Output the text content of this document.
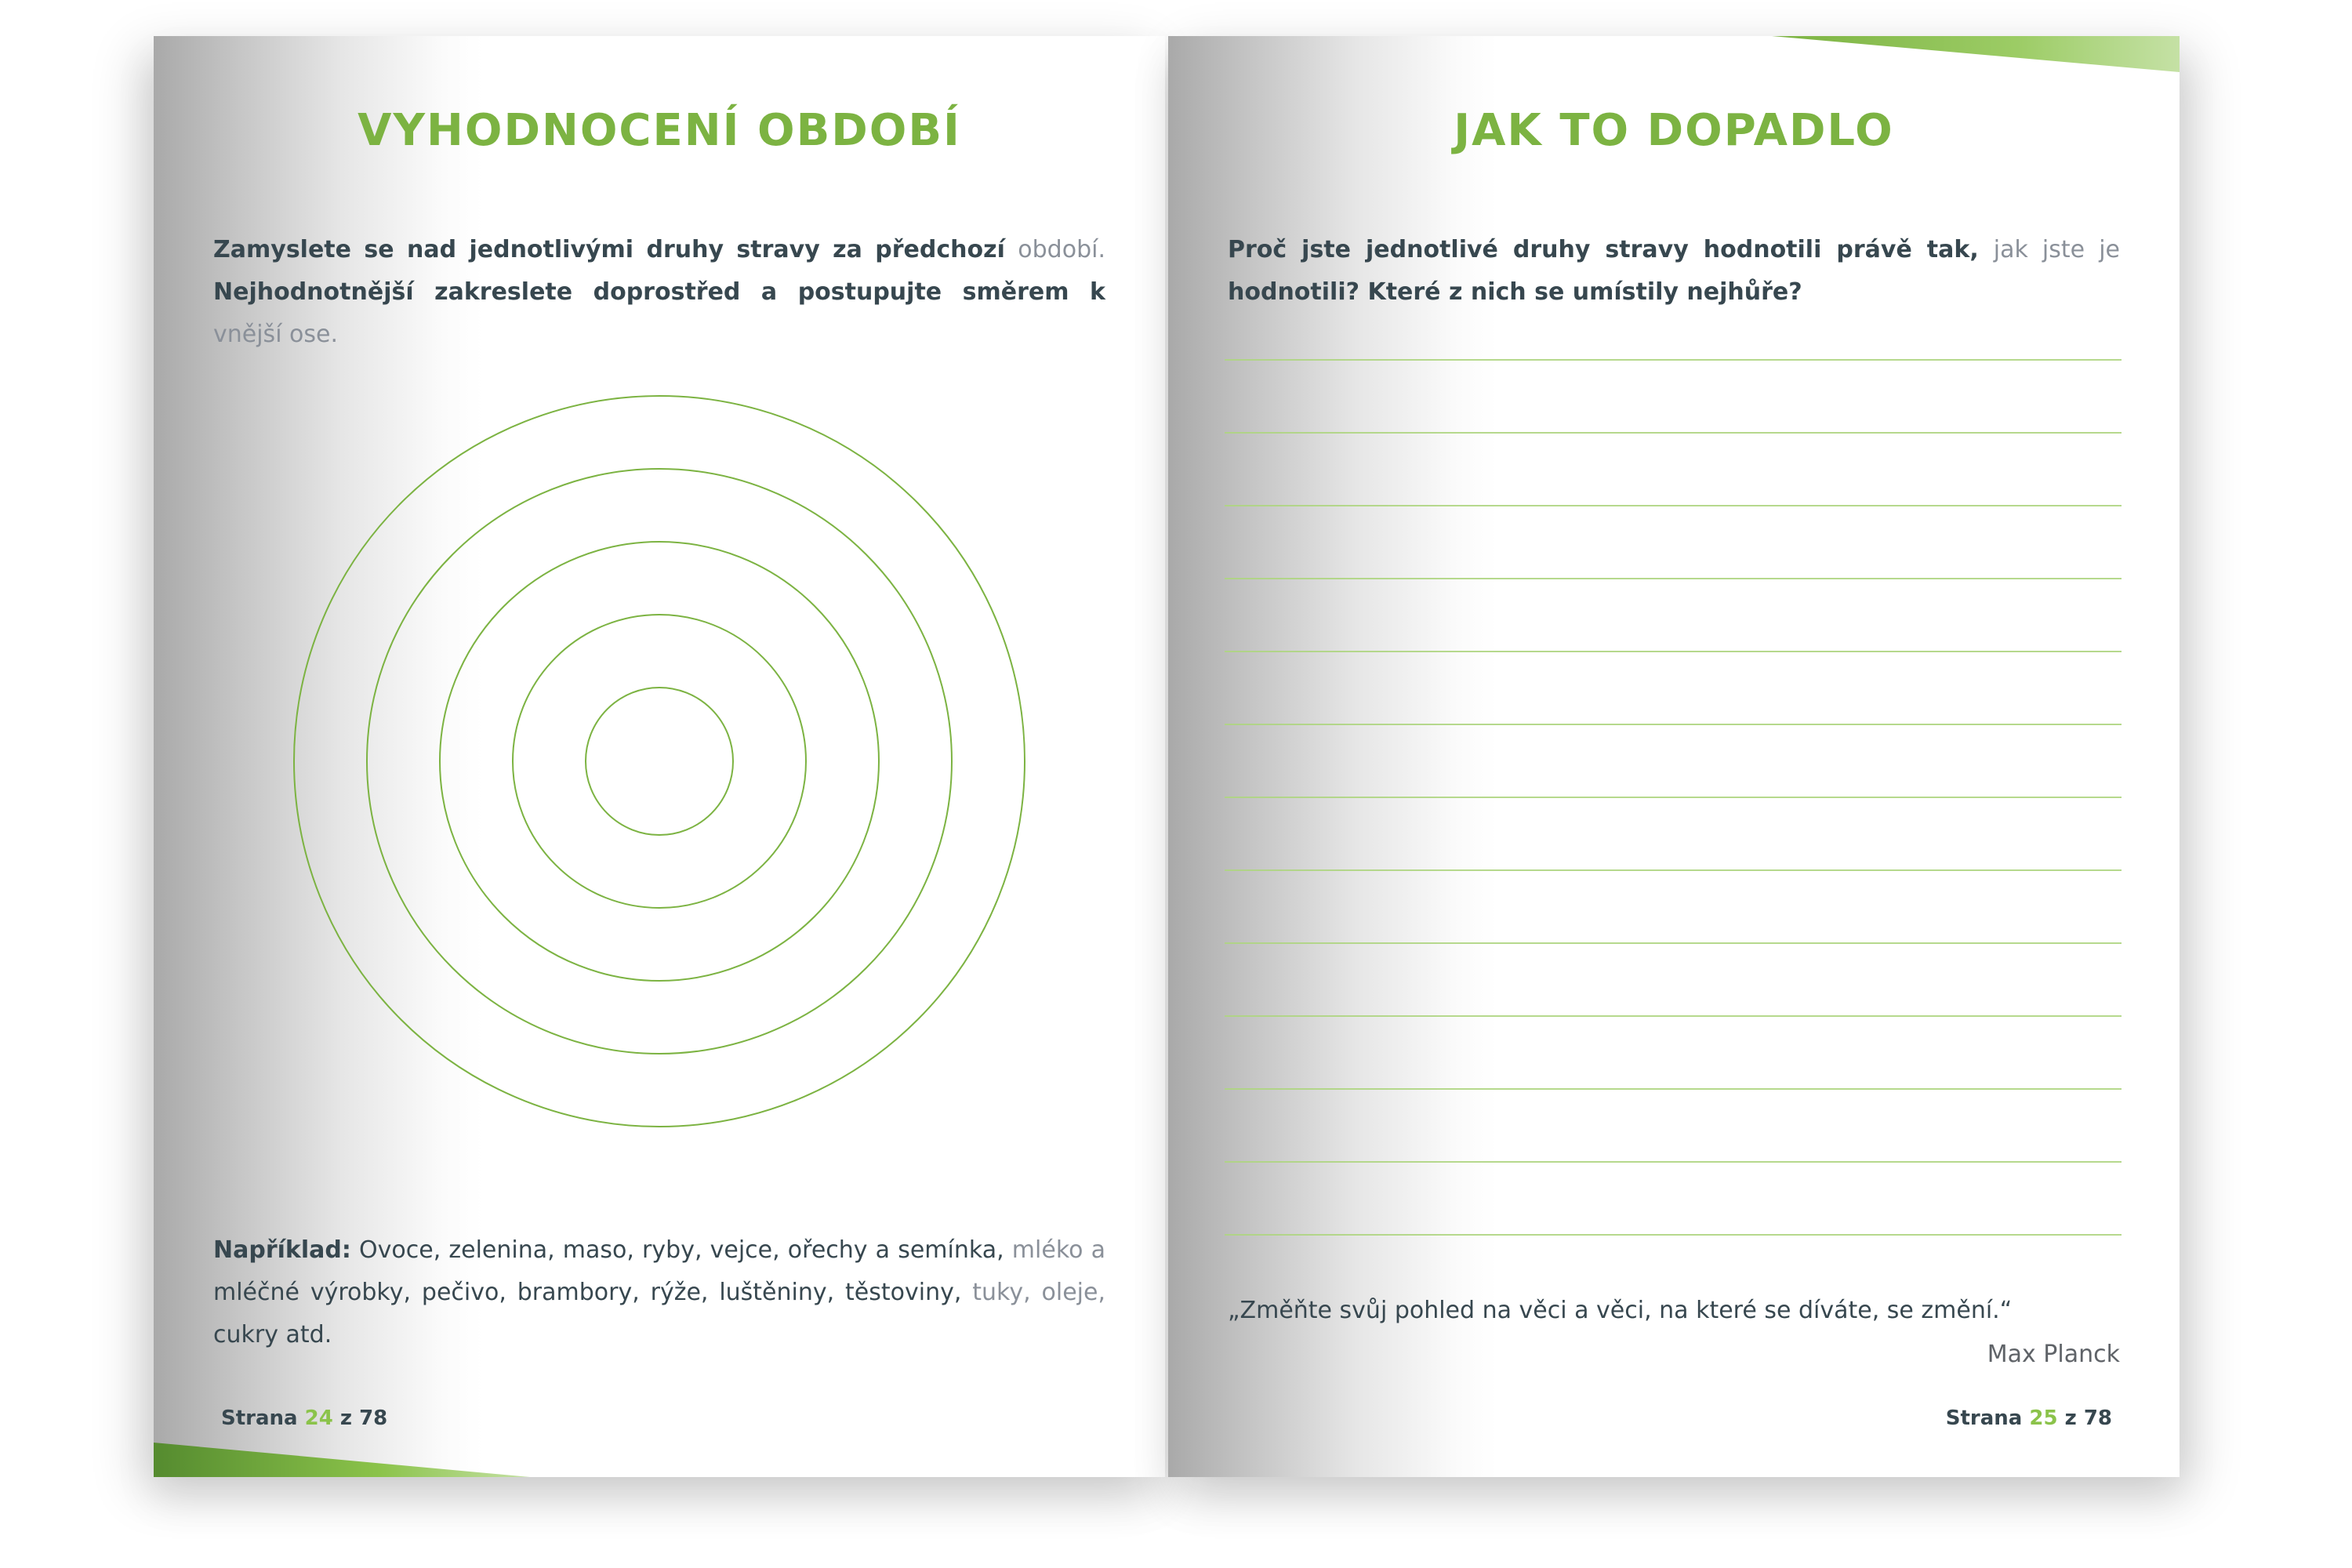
VYHODNOCENÍ OBDOBÍ
Zamyslete se nad jednotlivými druhy stravy za předchozí období. Nejhodnotnější zakreslete doprostřed a postupujte směrem k vnější ose.
Například: Ovoce, zelenina, maso, ryby, vejce, ořechy a semínka, mléko a mléčné výrobky, pečivo, brambory, rýže, luštěniny, těstoviny, tuky, oleje, cukry atd.
Strana 24 z 78
JAK TO DOPADLO
Proč jste jednotlivé druhy stravy hodnotili právě tak, jak jste je hodnotili? Které z nich se umístily nejhůře?
„Změňte svůj pohled na věci a věci, na které se díváte, se změní.“
Max Planck
Strana 25 z 78
